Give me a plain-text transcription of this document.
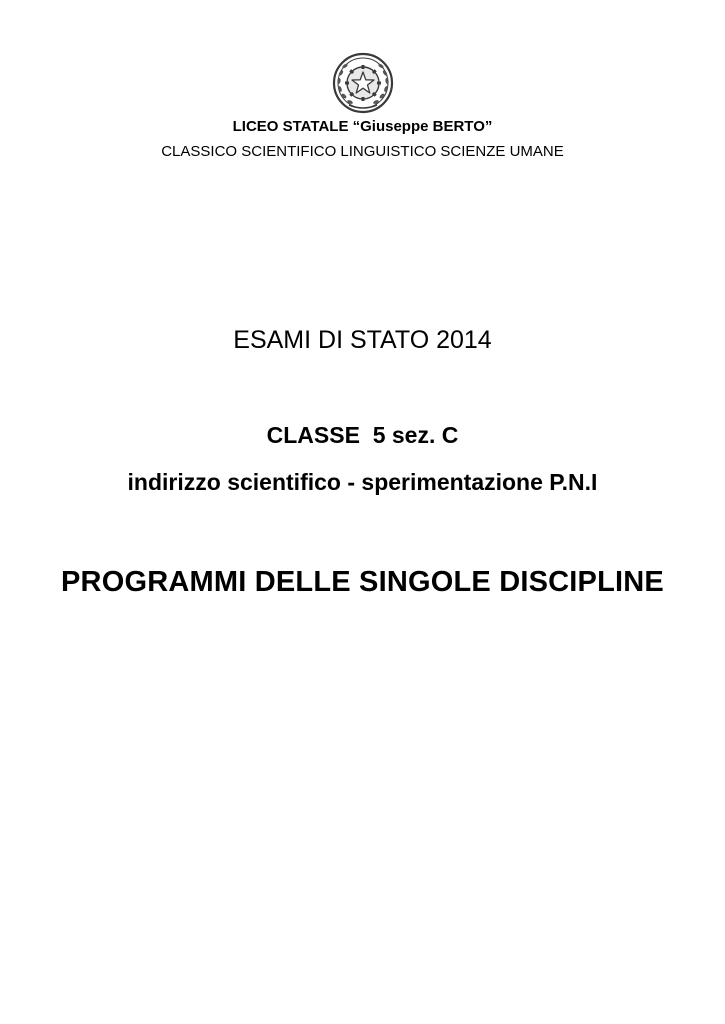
LICEO STATALE “Giuseppe BERTO”
CLASSICO SCIENTIFICO LINGUISTICO SCIENZE UMANE
ESAMI DI STATO 2014
CLASSE  5 sez. C
indirizzo scientifico - sperimentazione P.N.I
PROGRAMMI DELLE SINGOLE DISCIPLINE
